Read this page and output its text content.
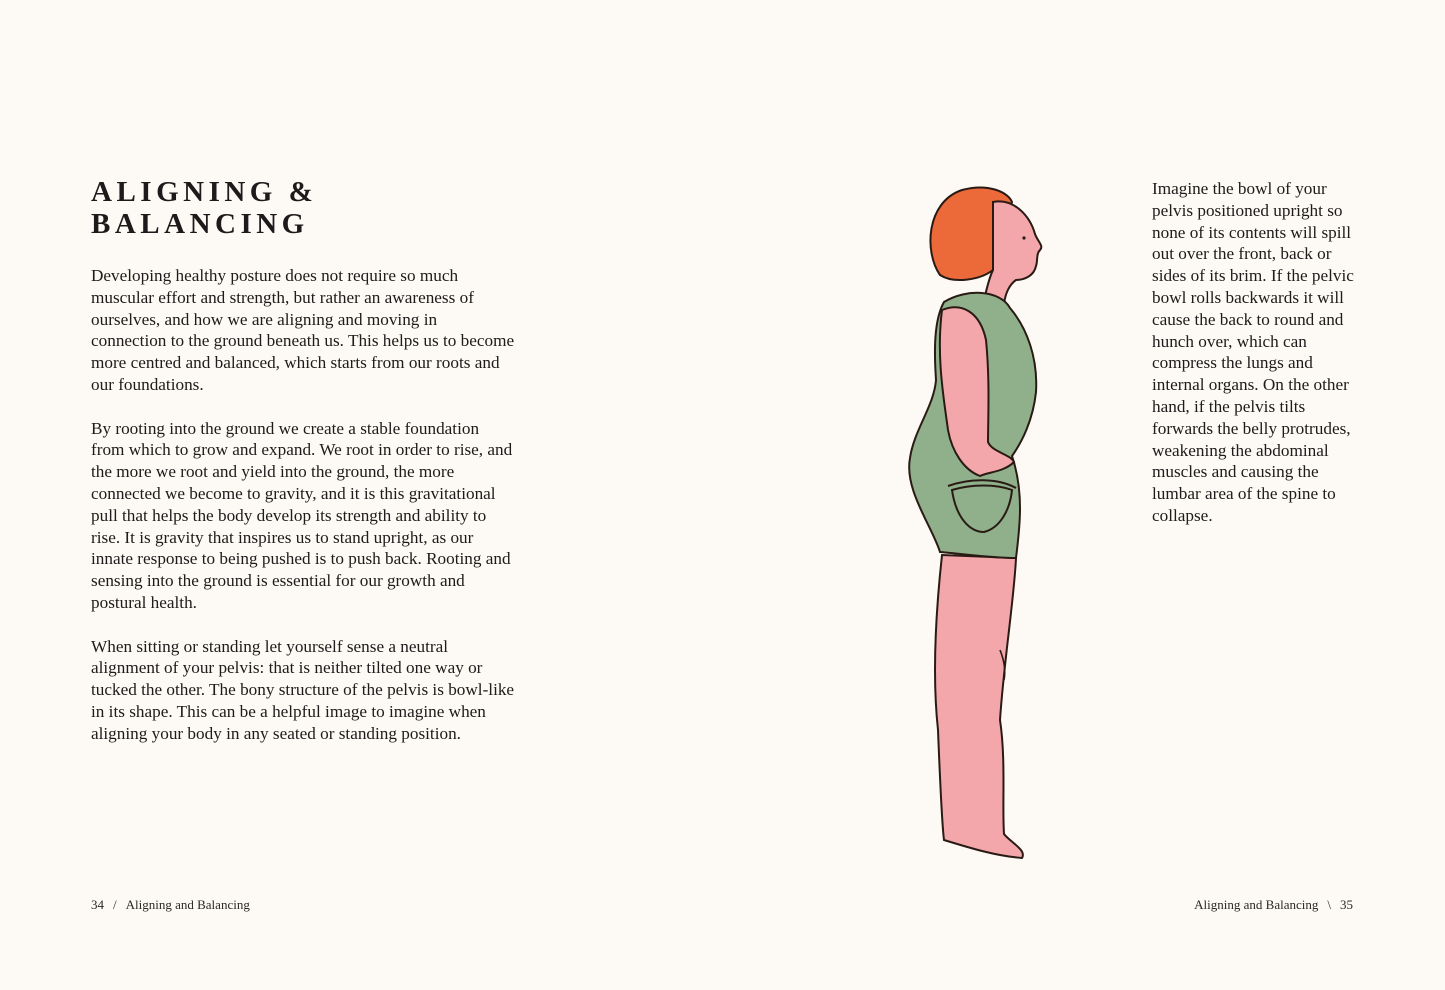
ALIGNING &
BALANCING

Developing healthy posture does not require so much muscular effort and strength, but rather an awareness of ourselves, and how we are aligning and moving in connection to the ground beneath us. This helps us to become more centred and balanced, which starts from our roots and our foundations.

By rooting into the ground we create a stable foundation from which to grow and expand. We root in order to rise, and the more we root and yield into the ground, the more connected we become to gravity, and it is this gravitational pull that helps the body develop its strength and ability to rise. It is gravity that inspires us to stand upright, as our innate response to being pushed is to push back. Rooting and sensing into the ground is essential for our growth and postural health.

When sitting or standing let yourself sense a neutral alignment of your pelvis: that is neither tilted one way or tucked the other. The bony structure of the pelvis is bowl-like in its shape. This can be a helpful image to imagine when aligning your body in any seated or standing position.

34 / Aligning and Balancing

Imagine the bowl of your pelvis positioned upright so none of its contents will spill out over the front, back or sides of its brim. If the pelvic bowl rolls backwards it will cause the back to round and hunch over, which can compress the lungs and internal organs. On the other hand, if the pelvis tilts forwards the belly protrudes, weakening the abdominal muscles and causing the lumbar area of the spine to collapse.

Aligning and Balancing \ 35
